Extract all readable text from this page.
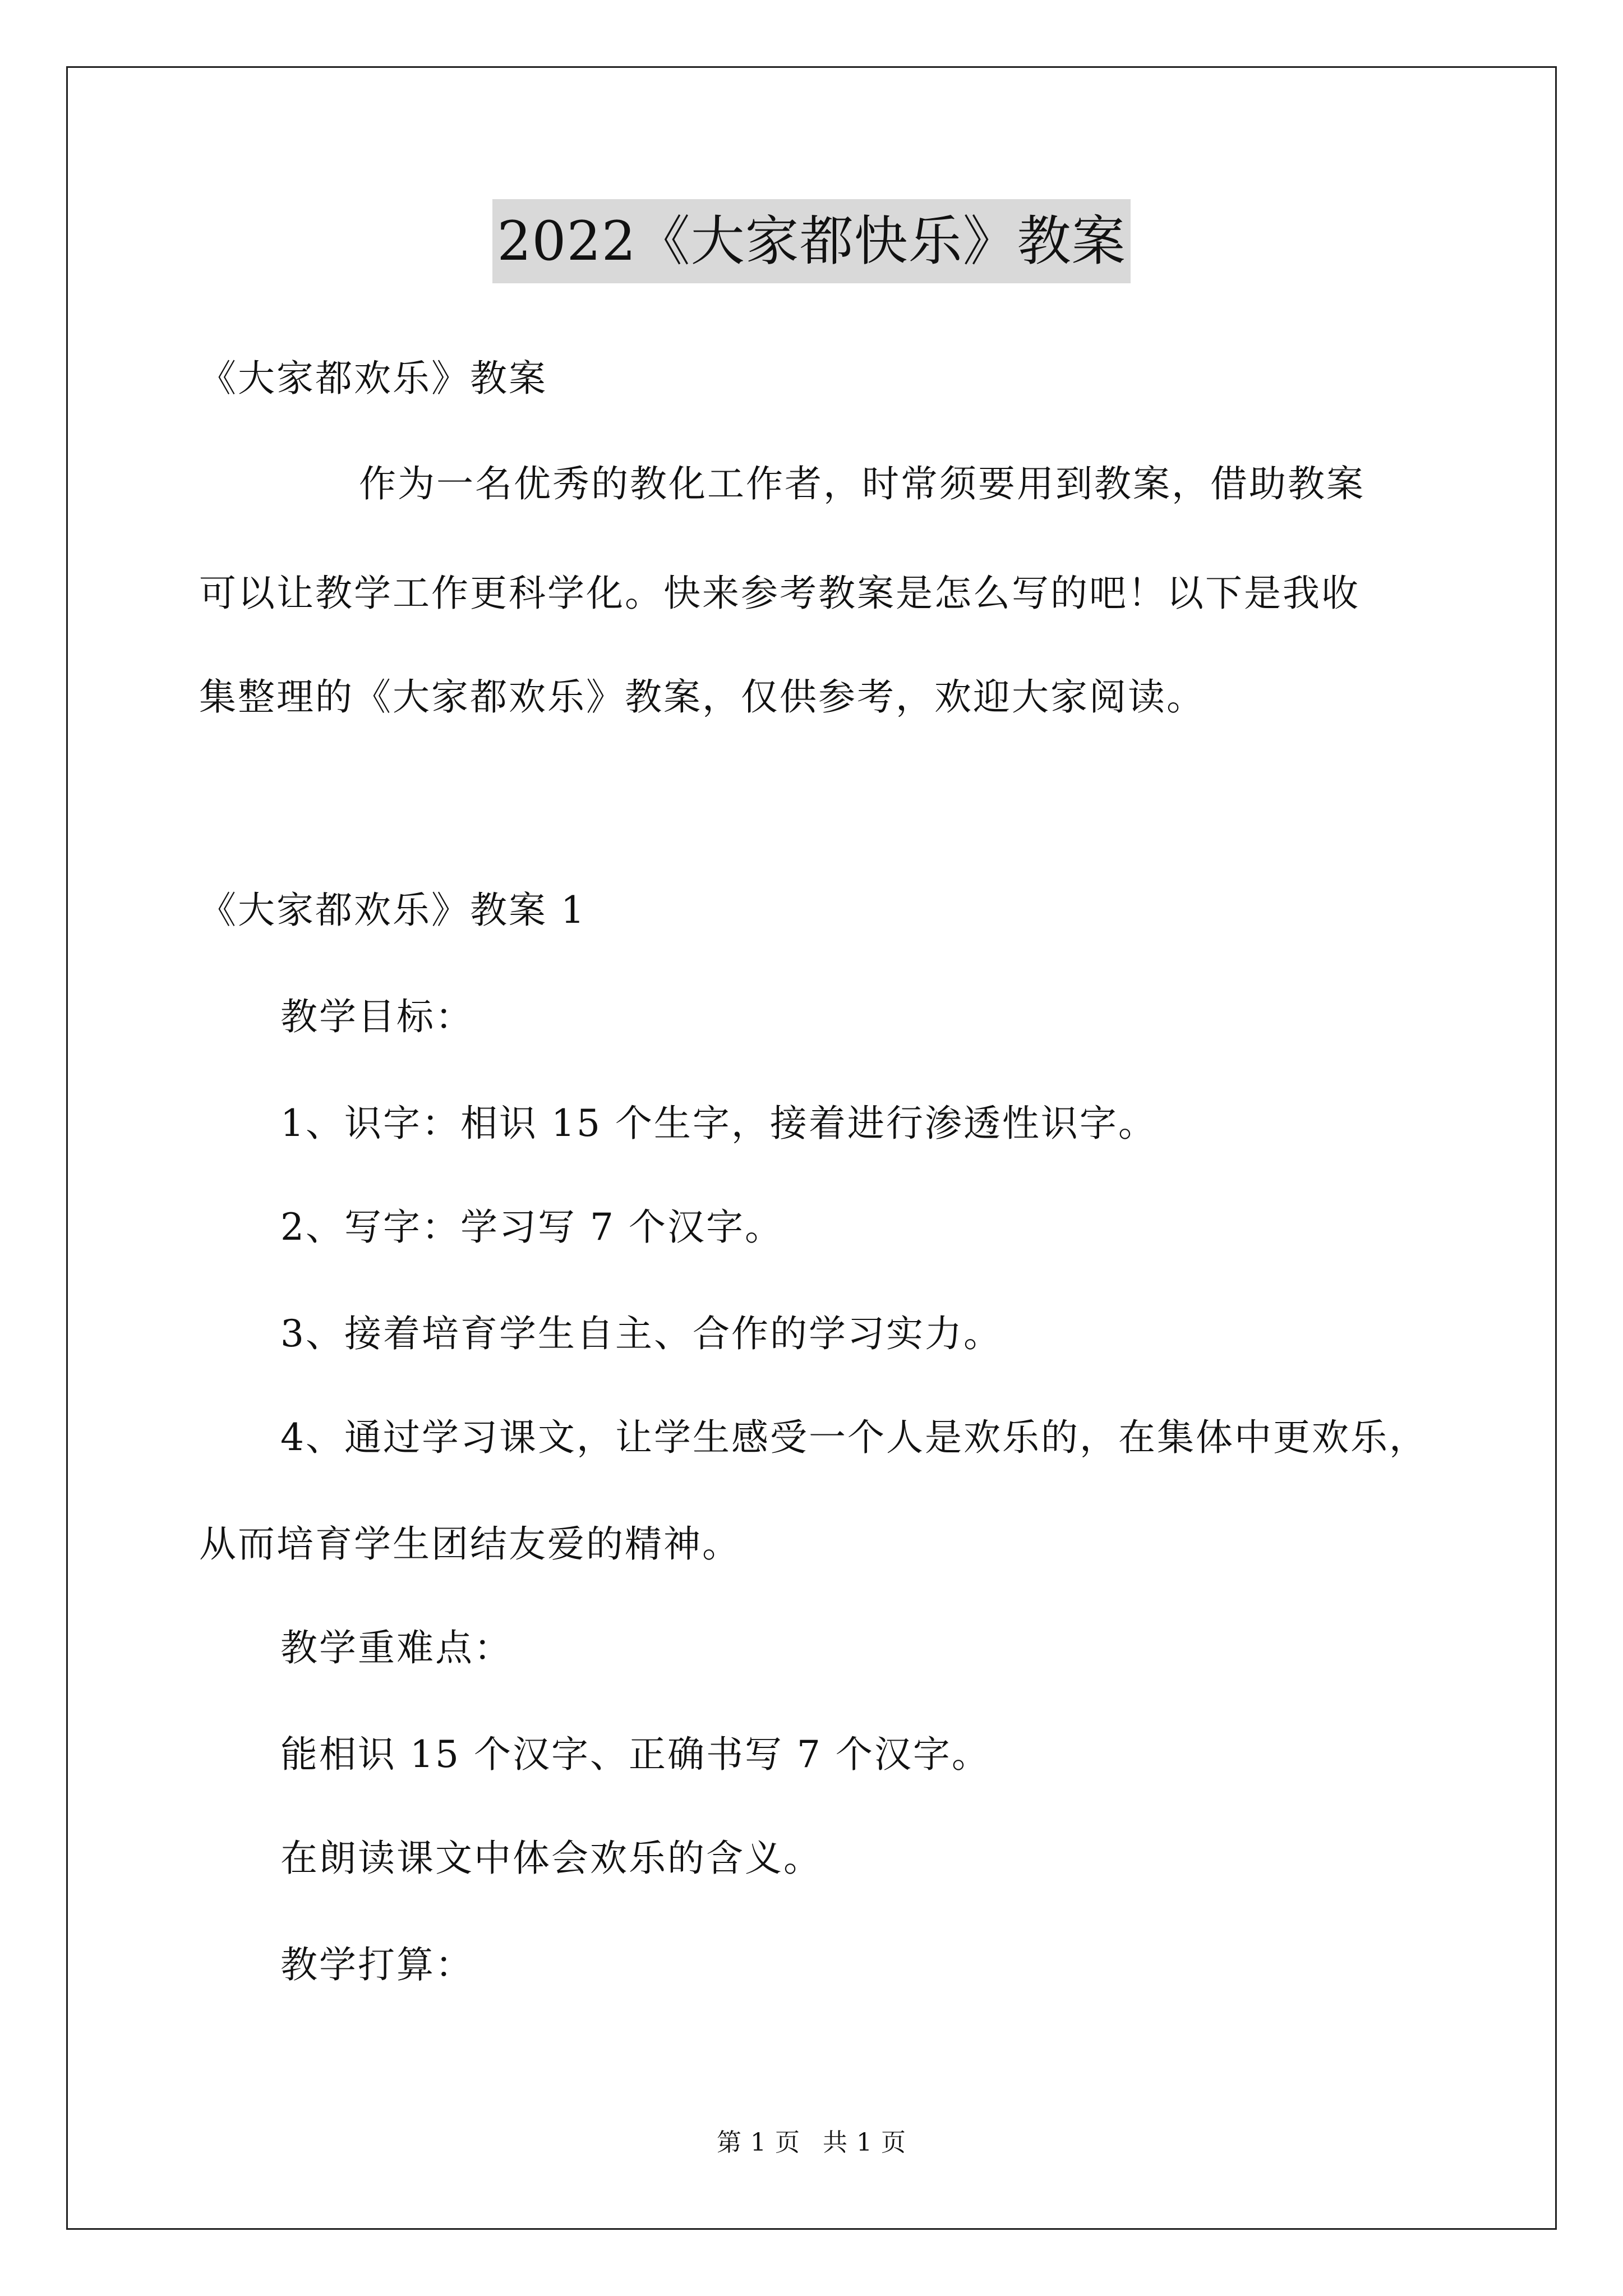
2022《大家都快乐》教案
《大家都欢乐》教案
作为一名优秀的教化工作者，时常须要用到教案，借助教案
可以让教学工作更科学化。快来参考教案是怎么写的吧！以下是我收
集整理的《大家都欢乐》教案，仅供参考，欢迎大家阅读。
《大家都欢乐》教案 1
教学目标：
1、识字：相识 15 个生字，接着进行渗透性识字。
2、写字：学习写 7 个汉字。
3、接着培育学生自主、合作的学习实力。
4、通过学习课文，让学生感受一个人是欢乐的，在集体中更欢乐，
从而培育学生团结友爱的精神。
教学重难点：
能相识 15 个汉字、正确书写 7 个汉字。
在朗读课文中体会欢乐的含义。
教学打算：
第 1 页 共 1 页
